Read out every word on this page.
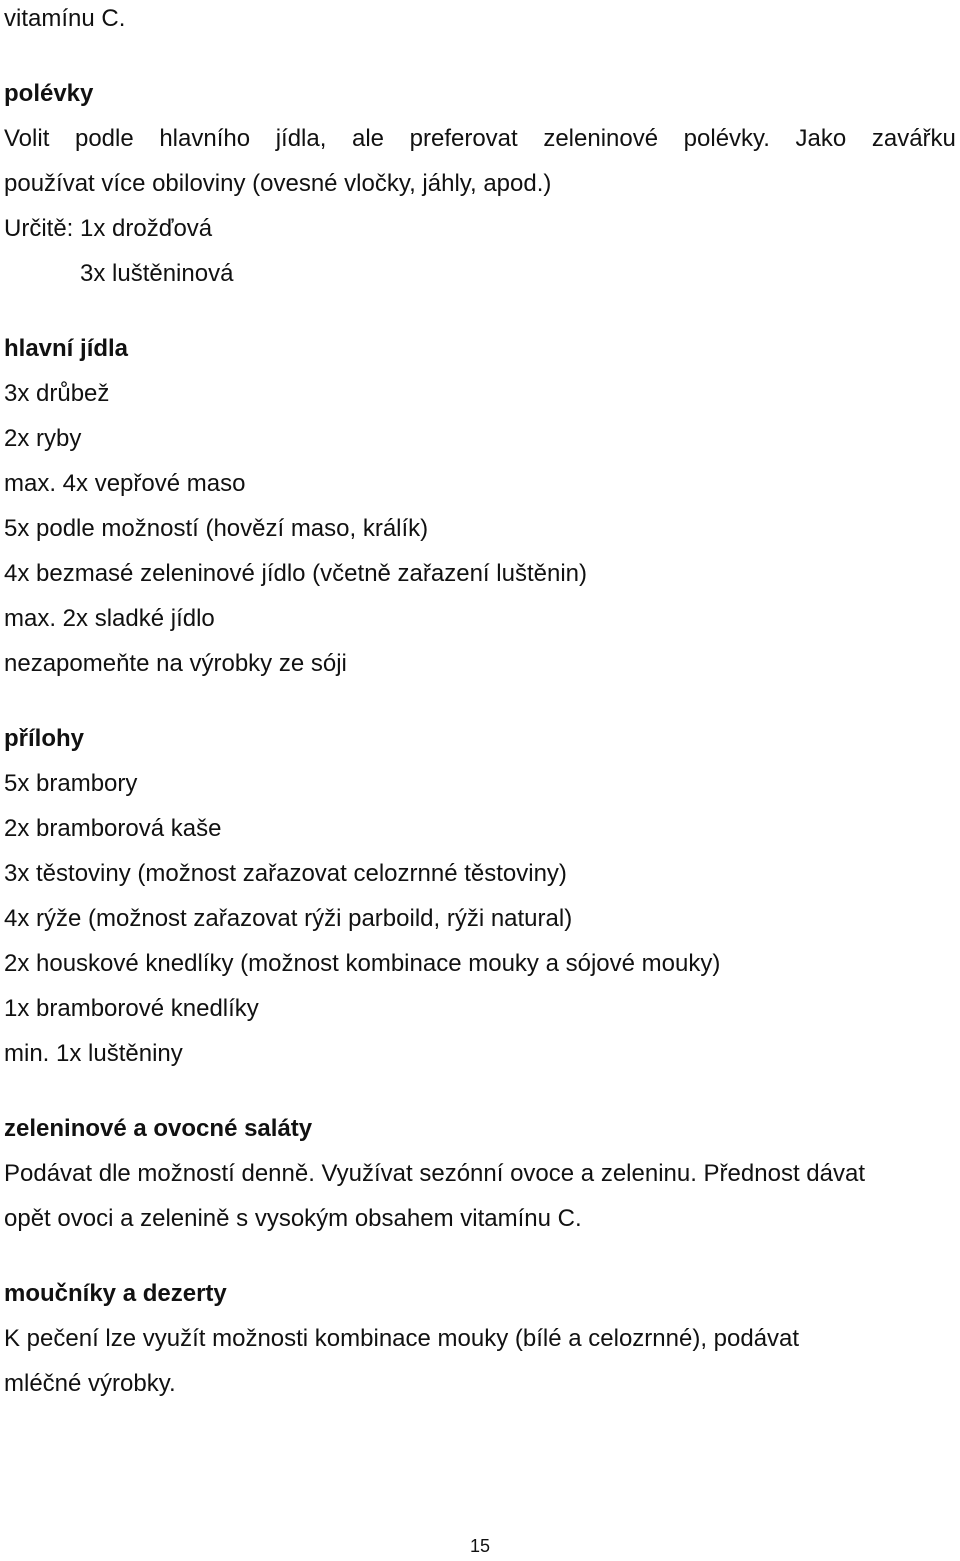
vitamínu C.
polévky
Volit podle hlavního jídla, ale preferovat zeleninové polévky. Jako zavářku
používat více obiloviny (ovesné vločky, jáhly, apod.)
Určitě: 1x drožďová
3x luštěninová
hlavní jídla
3x drůbež
2x ryby
max. 4x vepřové maso
5x podle možností (hovězí maso, králík)
4x bezmasé zeleninové jídlo (včetně zařazení luštěnin)
max. 2x sladké jídlo
nezapomeňte na výrobky ze sóji
přílohy
5x brambory
2x bramborová kaše
3x těstoviny (možnost zařazovat celozrnné těstoviny)
4x rýže (možnost zařazovat rýži parboild, rýži natural)
2x houskové knedlíky (možnost kombinace mouky a sójové mouky)
1x bramborové knedlíky
min. 1x luštěniny
zeleninové a ovocné saláty
Podávat dle možností denně. Využívat sezónní ovoce a zeleninu. Přednost dávat
opět ovoci a zelenině s vysokým obsahem vitamínu C.
moučníky a dezerty
K pečení lze využít možnosti kombinace mouky (bílé a celozrnné), podávat
mléčné výrobky.
15
